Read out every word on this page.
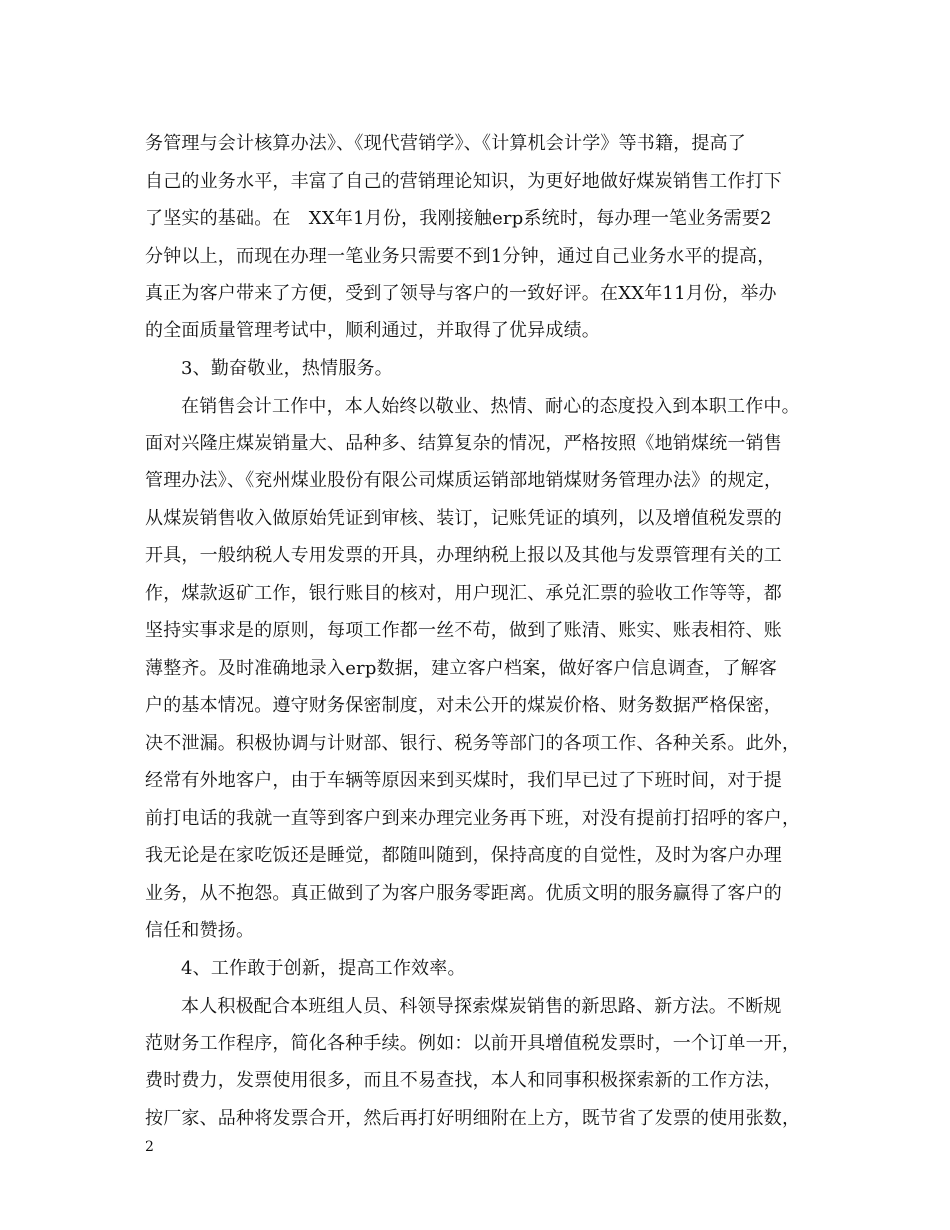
务管理与会计核算办法》、《现代营销学》、《计算机会计学》等书籍，提高了
自己的业务水平，丰富了自己的营销理论知识，为更好地做好煤炭销售工作打下
了坚实的基础。在　XX年1月份，我刚接触erp系统时，每办理一笔业务需要2
分钟以上，而现在办理一笔业务只需要不到1分钟，通过自己业务水平的提高，
真正为客户带来了方便，受到了领导与客户的一致好评。在XX年11月份，举办
的全面质量管理考试中，顺利通过，并取得了优异成绩。
3、勤奋敬业，热情服务。
在销售会计工作中，本人始终以敬业、热情、耐心的态度投入到本职工作中。
面对兴隆庄煤炭销量大、品种多、结算复杂的情况，严格按照《地销煤统一销售
管理办法》、《兖州煤业股份有限公司煤质运销部地销煤财务管理办法》的规定，
从煤炭销售收入做原始凭证到审核、装订，记账凭证的填列，以及增值税发票的
开具，一般纳税人专用发票的开具，办理纳税上报以及其他与发票管理有关的工
作，煤款返矿工作，银行账目的核对，用户现汇、承兑汇票的验收工作等等，都
坚持实事求是的原则，每项工作都一丝不苟，做到了账清、账实、账表相符、账
薄整齐。及时准确地录入erp数据，建立客户档案，做好客户信息调查，了解客
户的基本情况。遵守财务保密制度，对未公开的煤炭价格、财务数据严格保密，
决不泄漏。积极协调与计财部、银行、税务等部门的各项工作、各种关系。此外，
经常有外地客户，由于车辆等原因来到买煤时，我们早已过了下班时间，对于提
前打电话的我就一直等到客户到来办理完业务再下班，对没有提前打招呼的客户，
我无论是在家吃饭还是睡觉，都随叫随到，保持高度的自觉性，及时为客户办理
业务，从不抱怨。真正做到了为客户服务零距离。优质文明的服务赢得了客户的
信任和赞扬。
4、工作敢于创新，提高工作效率。
本人积极配合本班组人员、科领导探索煤炭销售的新思路、新方法。不断规
范财务工作程序，简化各种手续。例如：以前开具增值税发票时，一个订单一开，
费时费力，发票使用很多，而且不易查找，本人和同事积极探索新的工作方法，
按厂家、品种将发票合开，然后再打好明细附在上方，既节省了发票的使用张数，
2
